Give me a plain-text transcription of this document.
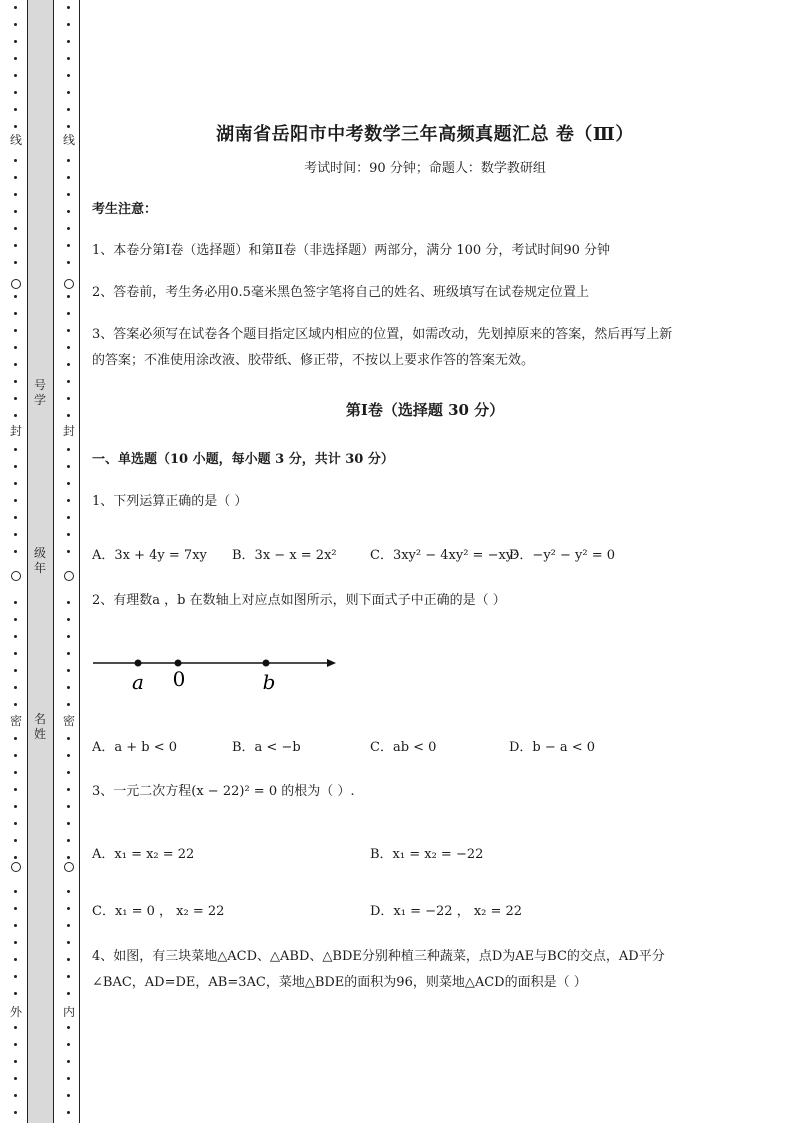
线
封
密
外
线
封
密
内
号学
级年
名姓
湖南省岳阳市中考数学三年高频真题汇总 卷（Ⅲ）
考试时间：90 分钟；命题人：数学教研组
考生注意：
1、本卷分第Ⅰ卷（选择题）和第Ⅱ卷（非选择题）两部分，满分 100 分，考试时间90 分钟
2、答卷前，考生务必用0.5毫米黑色签字笔将自己的姓名、班级填写在试卷规定位置上
3、答案必须写在试卷各个题目指定区域内相应的位置，如需改动，先划掉原来的答案，然后再写上新
的答案；不准使用涂改液、胶带纸、修正带，不按以上要求作答的答案无效。
第Ⅰ卷（选择题 30 分）
一、单选题（10 小题，每小题 3 分，共计 30 分）
1、下列运算正确的是（ ）
A．3x + 4y = 7xy B．3x − x = 2x²	C．3xy² − 4xy² = −xy²
D．−y² − y² = 0
2、有理数a ，b 在数轴上对应点如图所示，则下面式子中正确的是（ ）
a 0	b
A．a + b < 0	B．a < −b	C．ab < 0	D．b − a < 0
3、一元二次方程(x − 22)² = 0 的根为（ ）.
A．x₁ = x₂ = 22	B．x₁ = x₂ = −22
C．x₁ = 0 ， x₂ = 22	D．x₁ = −22 ， x₂ = 22
4、如图，有三块菜地△ACD、△ABD、△BDE分别种植三种蔬菜，点D为AE与BC的交点，AD平分
∠BAC，AD=DE，AB=3AC，菜地△BDE的面积为96，则菜地△ACD的面积是（ ）
